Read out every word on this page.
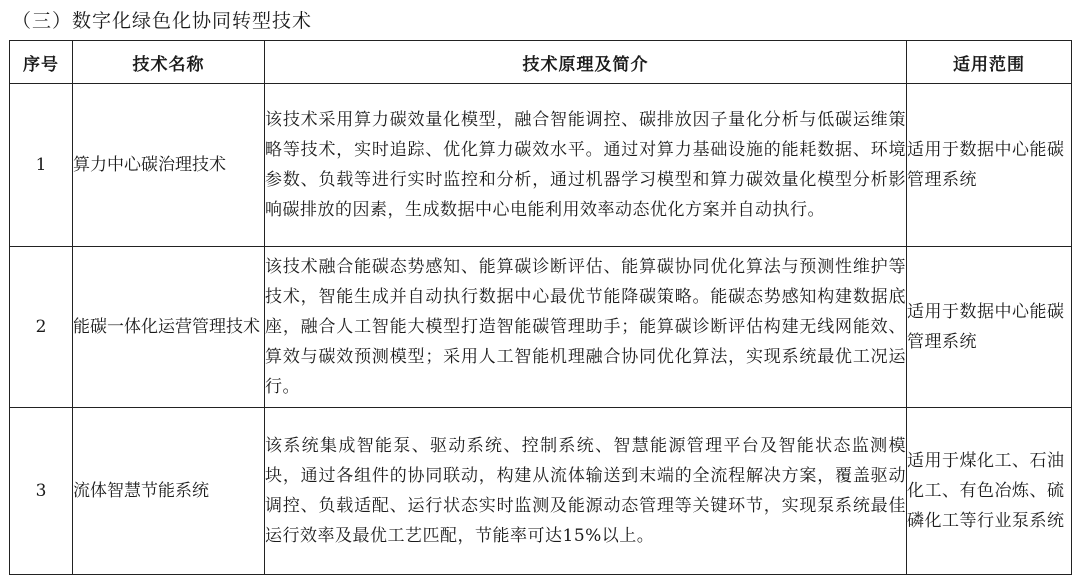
（三）数字化绿色化协同转型技术
序号	技术名称	技术原理及简介	适用范围
1	算力中心碳治理技术	该技术采用算力碳效量化模型，融合智能调控、碳排放因子量化分析与低碳运维策略等技术，实时追踪、优化算力碳效水平。通过对算力基础设施的能耗数据、环境参数、负载等进行实时监控和分析，通过机器学习模型和算力碳效量化模型分析影响碳排放的因素，生成数据中心电能利用效率动态优化方案并自动执行。	适用于数据中心能碳管理系统
2	能碳一体化运营管理技术	该技术融合能碳态势感知、能算碳诊断评估、能算碳协同优化算法与预测性维护等技术，智能生成并自动执行数据中心最优节能降碳策略。能碳态势感知构建数据底座，融合人工智能大模型打造智能碳管理助手；能算碳诊断评估构建无线网能效、算效与碳效预测模型；采用人工智能机理融合协同优化算法，实现系统最优工况运行。	适用于数据中心能碳管理系统
3	流体智慧节能系统	该系统集成智能泵、驱动系统、控制系统、智慧能源管理平台及智能状态监测模块，通过各组件的协同联动，构建从流体输送到末端的全流程解决方案，覆盖驱动调控、负载适配、运行状态实时监测及能源动态管理等关键环节，实现泵系统最佳运行效率及最优工艺匹配，节能率可达15%以上。	适用于煤化工、石油化工、有色冶炼、硫磷化工等行业泵系统
